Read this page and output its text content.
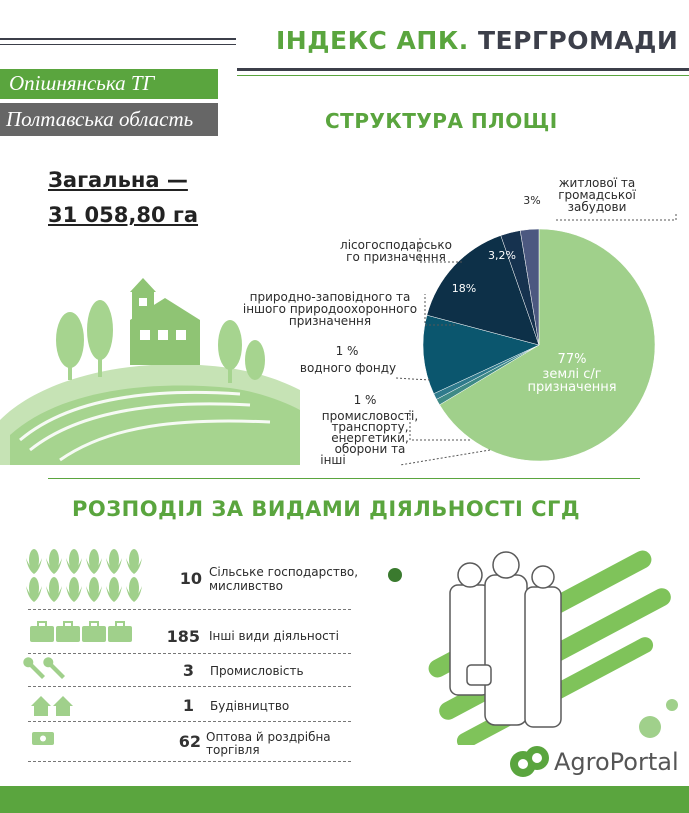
ІНДЕКС АПК. ТЕРГРОМАДИ
Опішнянська ТГ
Полтавська область	СТРУКТУРА ПЛОЩІ
Загальна —
31 058,80 га
77%
землі с/г
призначення
18%
3,2%
3%
житлової та
громадської
забудови
лісогосподарсько
го призначення
природно-заповідного та
іншого природоохоронного
призначення
1 %
водного фонду
1 %
промисловості,
транспорту,
енергетики,
оборони та
інші
РОЗПОДІЛ ЗА ВИДАМИ ДІЯЛЬНОСТІ СГД
10 Сільське господарство,
мисливство
185 Інші види діяльності
3 Промисловість
1 Будівництво
62 Оптова й роздрібна
торгівля	AgroPortal
